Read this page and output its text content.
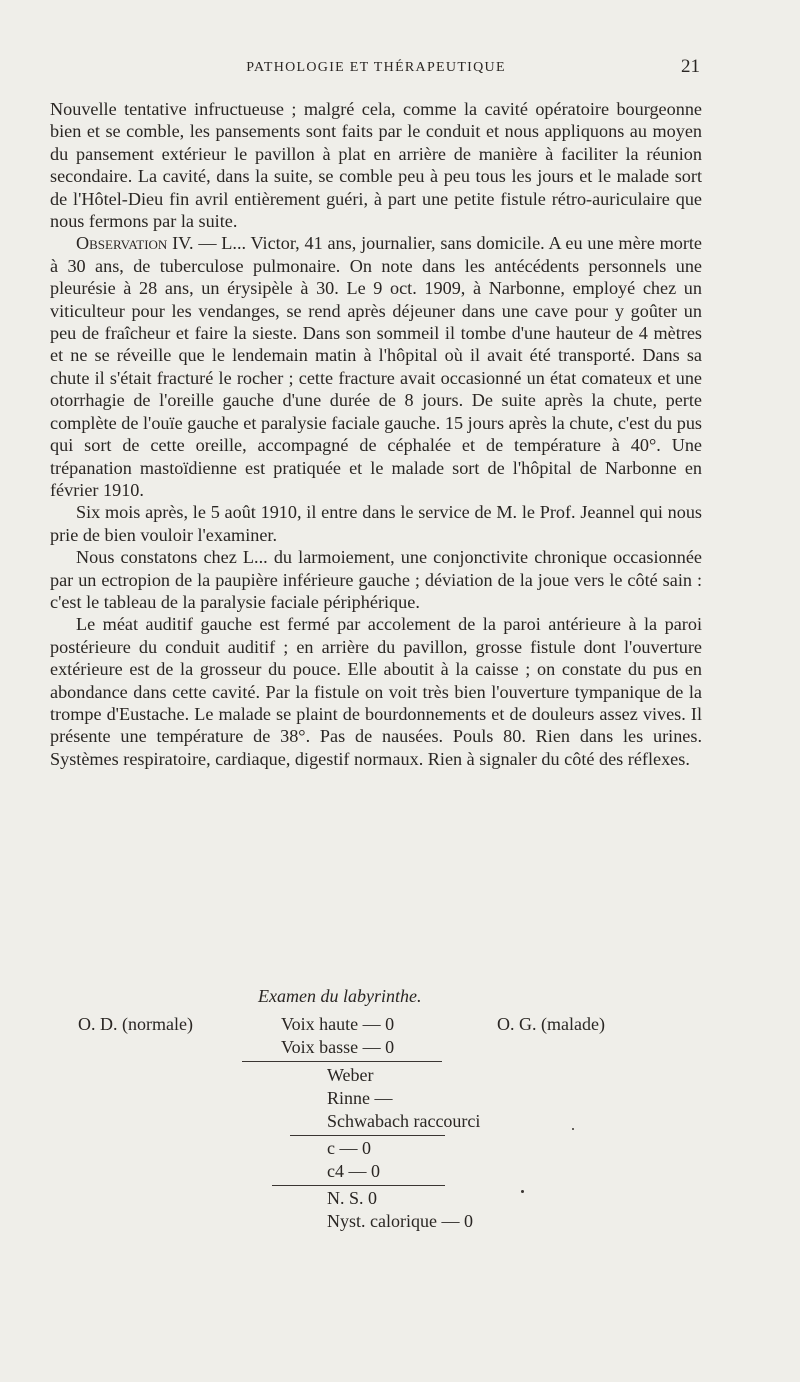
PATHOLOGIE ET THÉRAPEUTIQUE	21

Nouvelle tentative infructueuse ; malgré cela, comme la cavité opératoire bourgeonne bien et se comble, les pansements sont faits par le conduit et nous appliquons au moyen du pansement extérieur le pavillon à plat en arrière de manière à faciliter la réunion secondaire. La cavité, dans la suite, se comble peu à peu tous les jours et le malade sort de l'Hôtel-Dieu fin avril entièrement guéri, à part une petite fistule rétro-auriculaire que nous fermons par la suite.

Observation IV. — L... Victor, 41 ans, journalier, sans domicile. A eu une mère morte à 30 ans, de tuberculose pulmonaire. On note dans les antécédents personnels une pleurésie à 28 ans, un érysipèle à 30. Le 9 oct. 1909, à Narbonne, employé chez un viticulteur pour les vendanges, se rend après déjeuner dans une cave pour y goûter un peu de fraîcheur et faire la sieste. Dans son sommeil il tombe d'une hauteur de 4 mètres et ne se réveille que le lendemain matin à l'hôpital où il avait été transporté. Dans sa chute il s'était fracturé le rocher ; cette fracture avait occasionné un état comateux et une otorrhagie de l'oreille gauche d'une durée de 8 jours. De suite après la chute, perte complète de l'ouïe gauche et paralysie faciale gauche. 15 jours après la chute, c'est du pus qui sort de cette oreille, accompagné de céphalée et de température à 40°. Une trépanation mastoïdienne est pratiquée et le malade sort de l'hôpital de Narbonne en février 1910.

Six mois après, le 5 août 1910, il entre dans le service de M. le Prof. Jeannel qui nous prie de bien vouloir l'examiner.

Nous constatons chez L... du larmoiement, une conjonctivite chronique occasionnée par un ectropion de la paupière inférieure gauche ; déviation de la joue vers le côté sain : c'est le tableau de la paralysie faciale périphérique.

Le méat auditif gauche est fermé par accolement de la paroi antérieure à la paroi postérieure du conduit auditif ; en arrière du pavillon, grosse fistule dont l'ouverture extérieure est de la grosseur du pouce. Elle aboutit à la caisse ; on constate du pus en abondance dans cette cavité. Par la fistule on voit très bien l'ouverture tympanique de la trompe d'Eustache. Le malade se plaint de bourdonnements et de douleurs assez vives. Il présente une température de 38°. Pas de nausées. Pouls 80. Rien dans les urines. Systèmes respiratoire, cardiaque, digestif normaux. Rien à signaler du côté des réflexes.

Examen du labyrinthe.
O. D. (normale)	O. G. (malade)
Voix haute — 0
Voix basse — 0
Weber
Rinne —
Schwabach raccourci
c — 0
c4 — 0
N. S. 0
Nyst. calorique — 0
